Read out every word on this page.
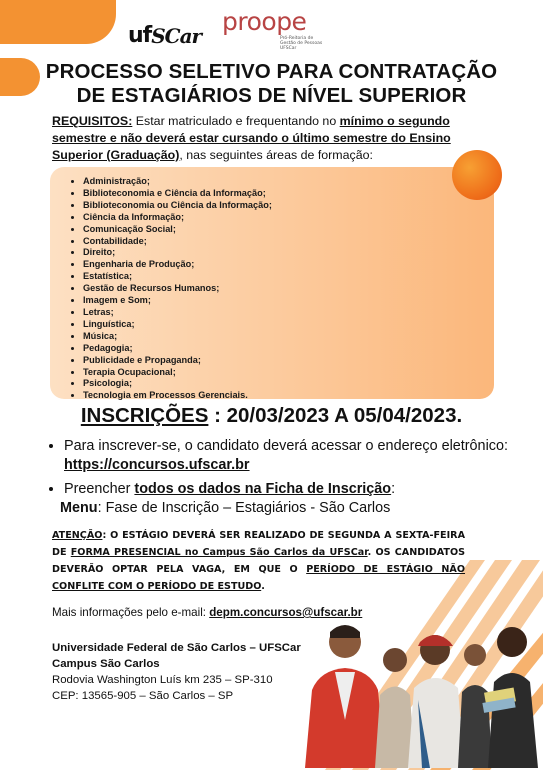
uf SCar proope
Pró-Reitoria de Gestão de Pessoas UFSCar
PROCESSO SELETIVO PARA CONTRATAÇÃO
DE ESTAGIÁRIOS DE NÍVEL SUPERIOR
REQUISITOS: Estar matriculado e frequentando no mínimo o segundo semestre e não deverá estar cursando o último semestre do Ensino Superior (Graduação), nas seguintes áreas de formação:
• Administração;
• Biblioteconomia e Ciência da Informação;
• Biblioteconomia ou Ciência da Informação;
• Ciência da Informação;
• Comunicação Social;
• Contabilidade;
• Direito;
• Engenharia de Produção;
• Estatística;
• Gestão de Recursos Humanos;
• Imagem e Som;
• Letras;
• Linguística;
• Música;
• Pedagogia;
• Publicidade e Propaganda;
• Terapia Ocupacional;
• Psicologia;
• Tecnologia em Processos Gerenciais.
INSCRIÇÕES : 20/03/2023 A 05/04/2023.
• Para inscrever-se, o candidato deverá acessar o endereço eletrônico: https://concursos.ufscar.br
• Preencher todos os dados na Ficha de Inscrição:
Menu: Fase de Inscrição – Estagiários - São Carlos
ATENÇÃO: O ESTÁGIO DEVERÁ SER REALIZADO DE SEGUNDA A SEXTA-FEIRA DE FORMA PRESENCIAL no Campus São Carlos da UFSCar. OS CANDIDATOS DEVERÃO OPTAR PELA VAGA, EM QUE O PERÍODO DE ESTÁGIO NÃO CONFLITE COM O PERÍODO DE ESTUDO.
Mais informações pelo e-mail: depm.concursos@ufscar.br
Universidade Federal de São Carlos – UFSCar
Campus São Carlos
Rodovia Washington Luís km 235 – SP-310
CEP: 13565-905 – São Carlos – SP
